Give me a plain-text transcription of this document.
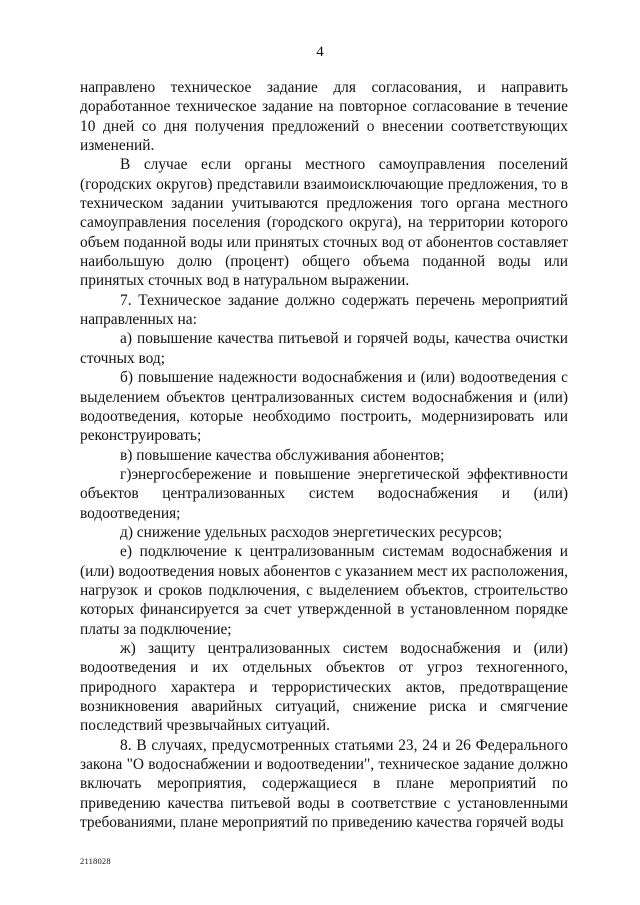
4

направлено техническое задание для согласования, и направить доработанное техническое задание на повторное согласование в течение 10 дней со дня получения предложений о внесении соответствующих изменений.

В случае если органы местного самоуправления поселений (городских округов) представили взаимоисключающие предложения, то в техническом задании учитываются предложения того органа местного самоуправления поселения (городского округа), на территории которого объем поданной воды или принятых сточных вод от абонентов составляет наибольшую долю (процент) общего объема поданной воды или принятых сточных вод в натуральном выражении.

7. Техническое задание должно содержать перечень мероприятий направленных на:

а) повышение качества питьевой и горячей воды, качества очистки сточных вод;

б) повышение надежности водоснабжения и (или) водоотведения с выделением объектов централизованных систем водоснабжения и (или) водоотведения, которые необходимо построить, модернизировать или реконструировать;

в) повышение качества обслуживания абонентов;

г)энергосбережение и повышение энергетической эффективности объектов централизованных систем водоснабжения и (или) водоотведения;

д) снижение удельных расходов энергетических ресурсов;

е) подключение к централизованным системам водоснабжения и (или) водоотведения новых абонентов с указанием мест их расположения, нагрузок и сроков подключения, с выделением объектов, строительство которых финансируется за счет утвержденной в установленном порядке платы за подключение;

ж) защиту централизованных систем водоснабжения и (или) водоотведения и их отдельных объектов от угроз техногенного, природного характера и террористических актов, предотвращение возникновения аварийных ситуаций, снижение риска и смягчение последствий чрезвычайных ситуаций.

8. В случаях, предусмотренных статьями 23, 24 и 26 Федерального закона "О водоснабжении и водоотведении", техническое задание должно включать мероприятия, содержащиеся в плане мероприятий по приведению качества питьевой воды в соответствие с установленными требованиями, плане мероприятий по приведению качества горячей воды

2118028
